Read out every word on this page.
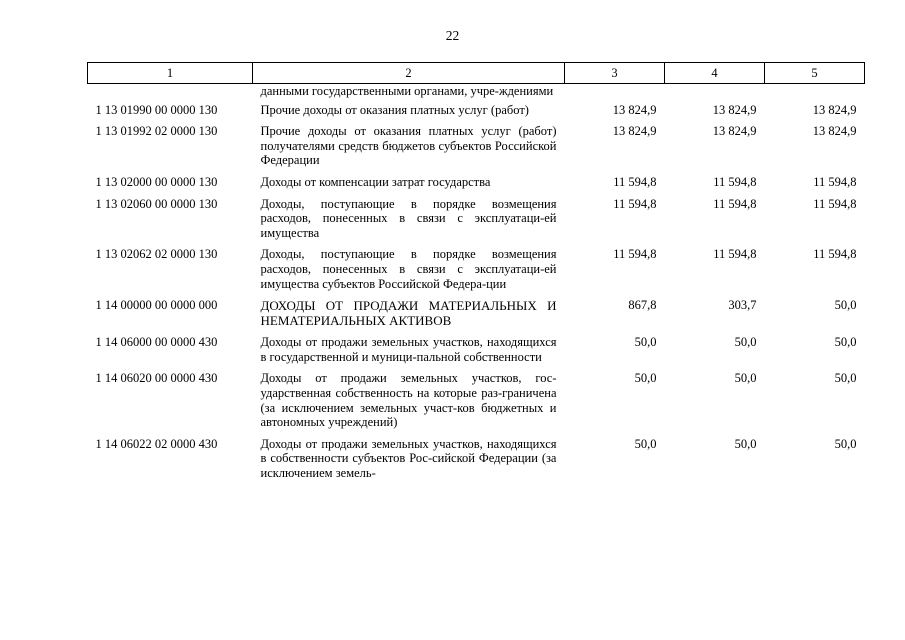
22
1	2	3	4	5
	данными государственными органами, учре-ждениями			
1 13 01990 00 0000 130	Прочие доходы от оказания платных услуг (работ)	13 824,9	13 824,9	13 824,9
1 13 01992 02 0000 130	Прочие доходы от оказания платных услуг (работ) получателями средств бюджетов субъектов Российской Федерации	13 824,9	13 824,9	13 824,9
1 13 02000 00 0000 130	Доходы от компенсации затрат государства	11 594,8	11 594,8	11 594,8
1 13 02060 00 0000 130	Доходы, поступающие в порядке возмещения расходов, понесенных в связи с эксплуатаци-ей имущества	11 594,8	11 594,8	11 594,8
1 13 02062 02 0000 130	Доходы, поступающие в порядке возмещения расходов, понесенных в связи с эксплуатаци-ей имущества субъектов Российской Федера-ции	11 594,8	11 594,8	11 594,8
1 14 00000 00 0000 000	ДОХОДЫ ОТ ПРОДАЖИ МАТЕРИАЛЬНЫХ И НЕМАТЕРИАЛЬНЫХ АКТИВОВ	867,8	303,7	50,0
1 14 06000 00 0000 430	Доходы от продажи земельных участков, находящихся в государственной и муници-пальной собственности	50,0	50,0	50,0
1 14 06020 00 0000 430	Доходы от продажи земельных участков, гос-ударственная собственность на которые раз-граничена (за исключением земельных участ-ков бюджетных и автономных учреждений)	50,0	50,0	50,0
1 14 06022 02 0000 430	Доходы от продажи земельных участков, находящихся в собственности субъектов Рос-сийской Федерации (за исключением земель-	50,0	50,0	50,0
